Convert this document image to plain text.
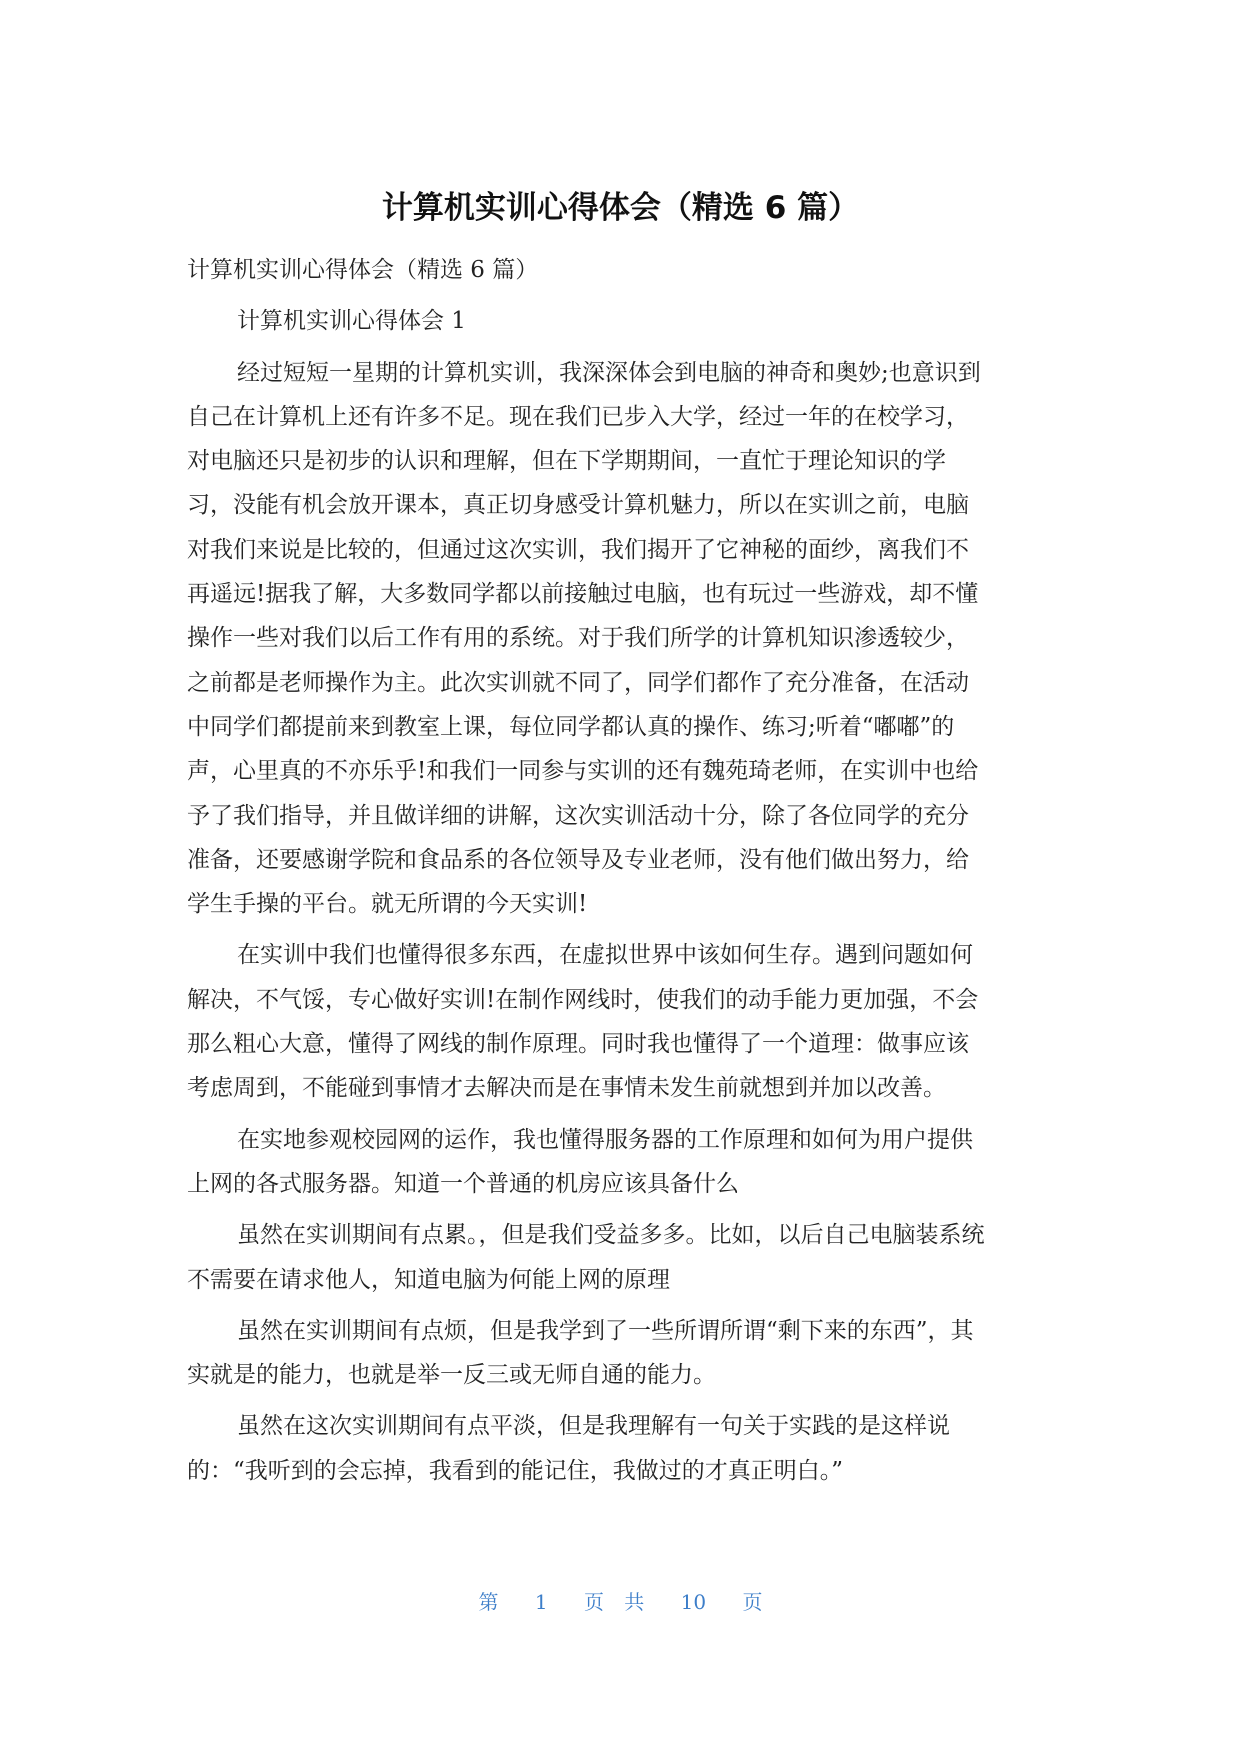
计算机实训心得体会（精选 6 篇）
计算机实训心得体会（精选 6 篇）
计算机实训心得体会 1
经过短短一星期的计算机实训，我深深体会到电脑的神奇和奥妙;也意识到
自己在计算机上还有许多不足。现在我们已步入大学，经过一年的在校学习，
对电脑还只是初步的认识和理解，但在下学期期间，一直忙于理论知识的学
习，没能有机会放开课本，真正切身感受计算机魅力，所以在实训之前，电脑
对我们来说是比较的，但通过这次实训，我们揭开了它神秘的面纱，离我们不
再遥远!据我了解，大多数同学都以前接触过电脑，也有玩过一些游戏，却不懂
操作一些对我们以后工作有用的系统。对于我们所学的计算机知识渗透较少，
之前都是老师操作为主。此次实训就不同了，同学们都作了充分准备，在活动
中同学们都提前来到教室上课，每位同学都认真的操作、练习;听着“嘟嘟”的
声，心里真的不亦乐乎!和我们一同参与实训的还有魏苑琦老师，在实训中也给
予了我们指导，并且做详细的讲解，这次实训活动十分，除了各位同学的充分
准备，还要感谢学院和食品系的各位领导及专业老师，没有他们做出努力，给
学生手操的平台。就无所谓的今天实训!
在实训中我们也懂得很多东西，在虚拟世界中该如何生存。遇到问题如何
解决，不气馁，专心做好实训!在制作网线时，使我们的动手能力更加强，不会
那么粗心大意，懂得了网线的制作原理。同时我也懂得了一个道理：做事应该
考虑周到，不能碰到事情才去解决而是在事情未发生前就想到并加以改善。
在实地参观校园网的运作，我也懂得服务器的工作原理和如何为用户提供
上网的各式服务器。知道一个普通的机房应该具备什么
虽然在实训期间有点累。，但是我们受益多多。比如，以后自己电脑装系统
不需要在请求他人，知道电脑为何能上网的原理
虽然在实训期间有点烦，但是我学到了一些所谓所谓“剩下来的东西”，其
实就是的能力，也就是举一反三或无师自通的能力。
虽然在这次实训期间有点平淡，但是我理解有一句关于实践的是这样说
的：“我听到的会忘掉，我看到的能记住，我做过的才真正明白。”
第 1 页 共 10 页
